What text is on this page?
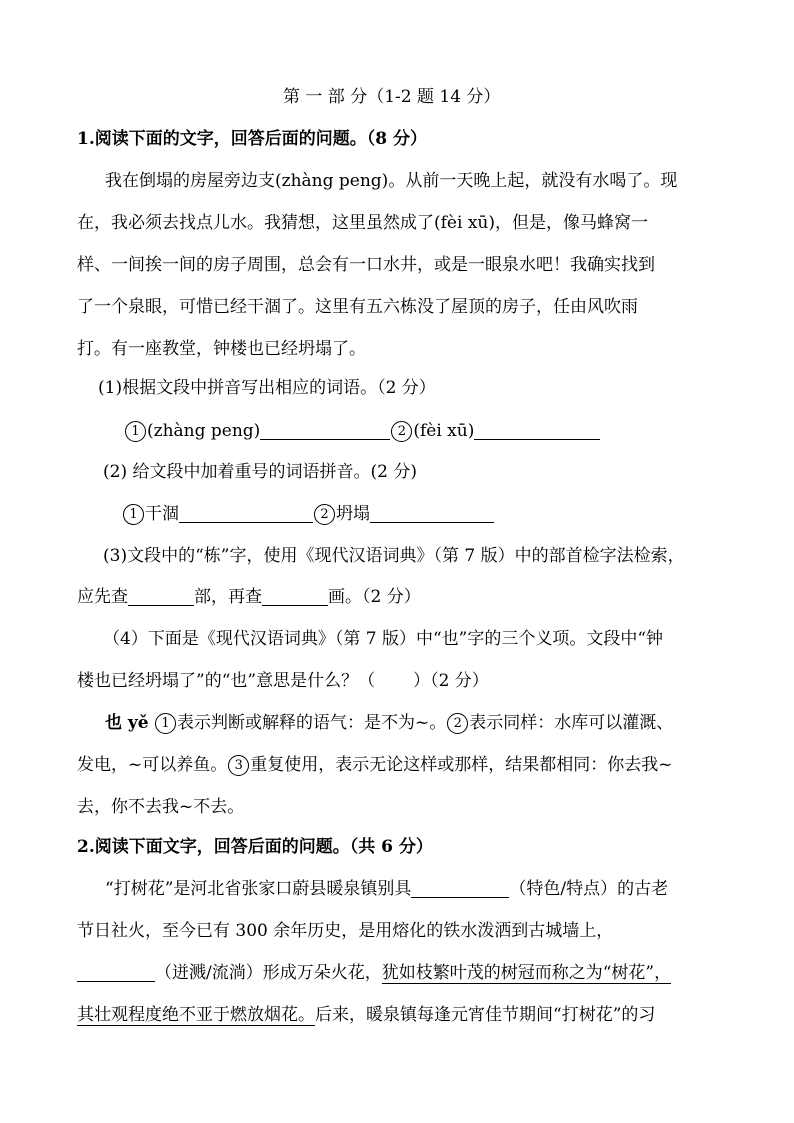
第 一 部 分（1-2 题 14 分）
1.阅读下面的文字，回答后面的问题。（8 分）
我在倒塌的房屋旁边支(zhàng peng)。从前一天晚上起，就没有水喝了。现
在，我必须去找点儿水。我猜想，这里虽然成了(fèi xū)，但是，像马蜂窝一
样、一间挨一间的房子周围，总会有一口水井，或是一眼泉水吧！我确实找到
了一个泉眼，可惜已经干涸了。这里有五六栋没了屋顶的房子，任由风吹雨
打。有一座教堂，钟楼也已经坍塌了。
(1)根据文段中拼音写出相应的词语。（2 分）
1 (zhàng peng)	2 (fèi xū)
(2) 给文段中加着重号的词语拼音。(2 分)
1 干涸	2 坍塌
(3)文段中的“栋”字，使用《现代汉语词典》（第 7 版）中的部首检字法检索，
应先查	部，再查	画。（2 分）
（4）下面是《现代汉语词典》（第 7 版）中“也”字的三个义项。文段中“钟
楼也已经坍塌了”的“也”意思是什么？（ ）（2 分）
也 yě 1 表示判断或解释的语气：是不为~。 2 表示同样：水库可以灌溉、
发电，~可以养鱼。 3 重复使用，表示无论这样或那样，结果都相同：你去我~
去，你不去我~不去。
2.阅读下面文字，回答后面的问题。（共 6 分）
“打树花”是河北省张家口蔚县暖泉镇别具	（特色/特点）的古老
节日社火，至今已有 300 余年历史，是用熔化的铁水泼洒到古城墙上，
（迸溅/流淌）形成万朵火花，犹如枝繁叶茂的树冠而称之为“树花”，
其壮观程度绝不亚于燃放烟花。后来，暖泉镇每逢元宵佳节期间“打树花”的习
